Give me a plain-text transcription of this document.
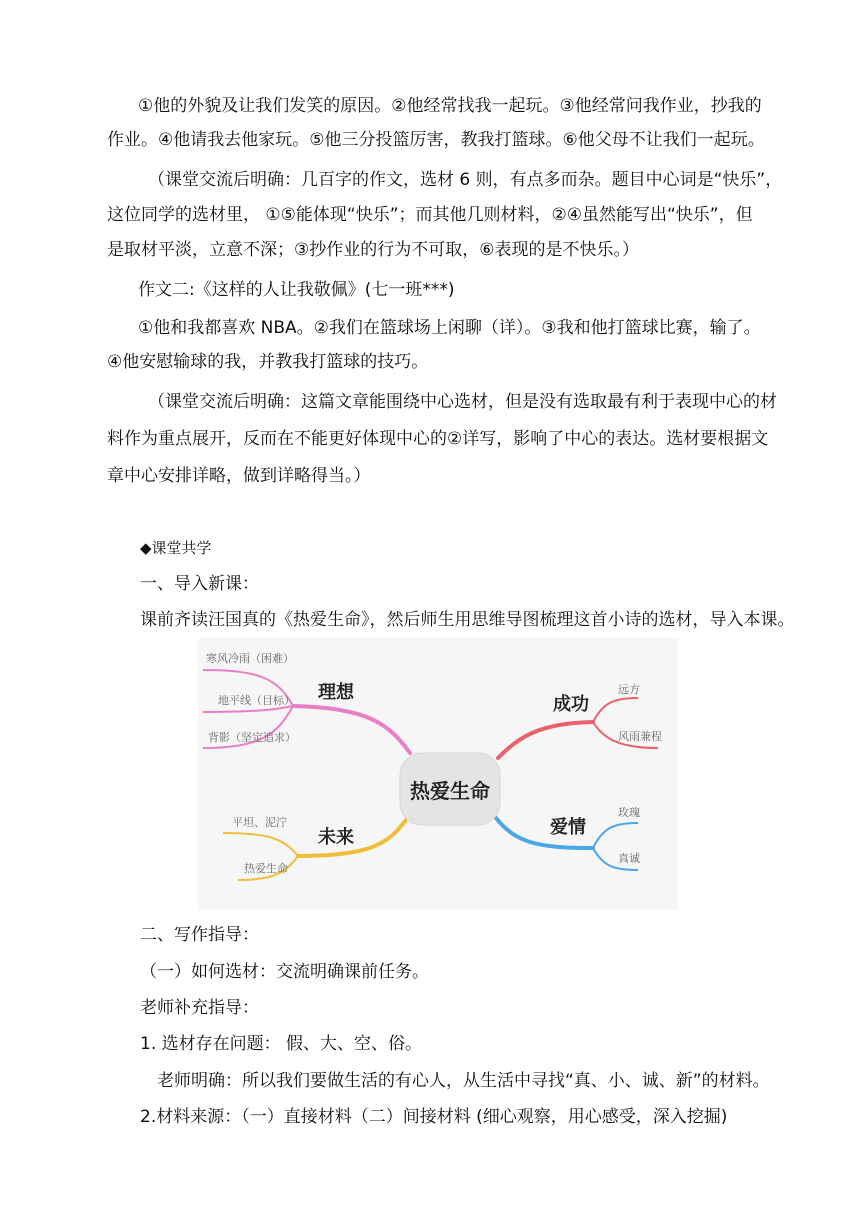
①他的外貌及让我们发笑的原因。②他经常找我一起玩。③他经常问我作业，抄我的
作业。④他请我去他家玩。⑤他三分投篮厉害，教我打篮球。⑥他父母不让我们一起玩。
（课堂交流后明确：几百字的作文，选材 6 则，有点多而杂。题目中心词是“快乐”，
这位同学的选材里， ①⑤能体现“快乐”；而其他几则材料，②④虽然能写出“快乐”，但
是取材平淡，立意不深；③抄作业的行为不可取，⑥表现的是不快乐。）
作文二:《这样的人让我敬佩》(七一班***)
①他和我都喜欢 NBA。②我们在篮球场上闲聊（详）。③我和他打篮球比赛，输了。
④他安慰输球的我，并教我打篮球的技巧。
（课堂交流后明确：这篇文章能围绕中心选材，但是没有选取最有利于表现中心的材
料作为重点展开，反而在不能更好体现中心的②详写，影响了中心的表达。选材要根据文
章中心安排详略，做到详略得当。）
◆课堂共学
一、导入新课：
课前齐读汪国真的《热爱生命》，然后师生用思维导图梳理这首小诗的选材，导入本课。
理想
寒风冷雨（困难）
地平线（目标）
背影（坚定追求）
成功
远方
风雨兼程
未来
平坦、泥泞
热爱生命
爱情
玫瑰
真诚
热爱生命
二、写作指导：
（一）如何选材：交流明确课前任务。
老师补充指导：
1. 选材存在问题： 假、大、空、俗。
老师明确：所以我们要做生活的有心人，从生活中寻找“真、小、诚、新”的材料。
2.材料来源：（一）直接材料（二）间接材料 (细心观察，用心感受，深入挖掘)
